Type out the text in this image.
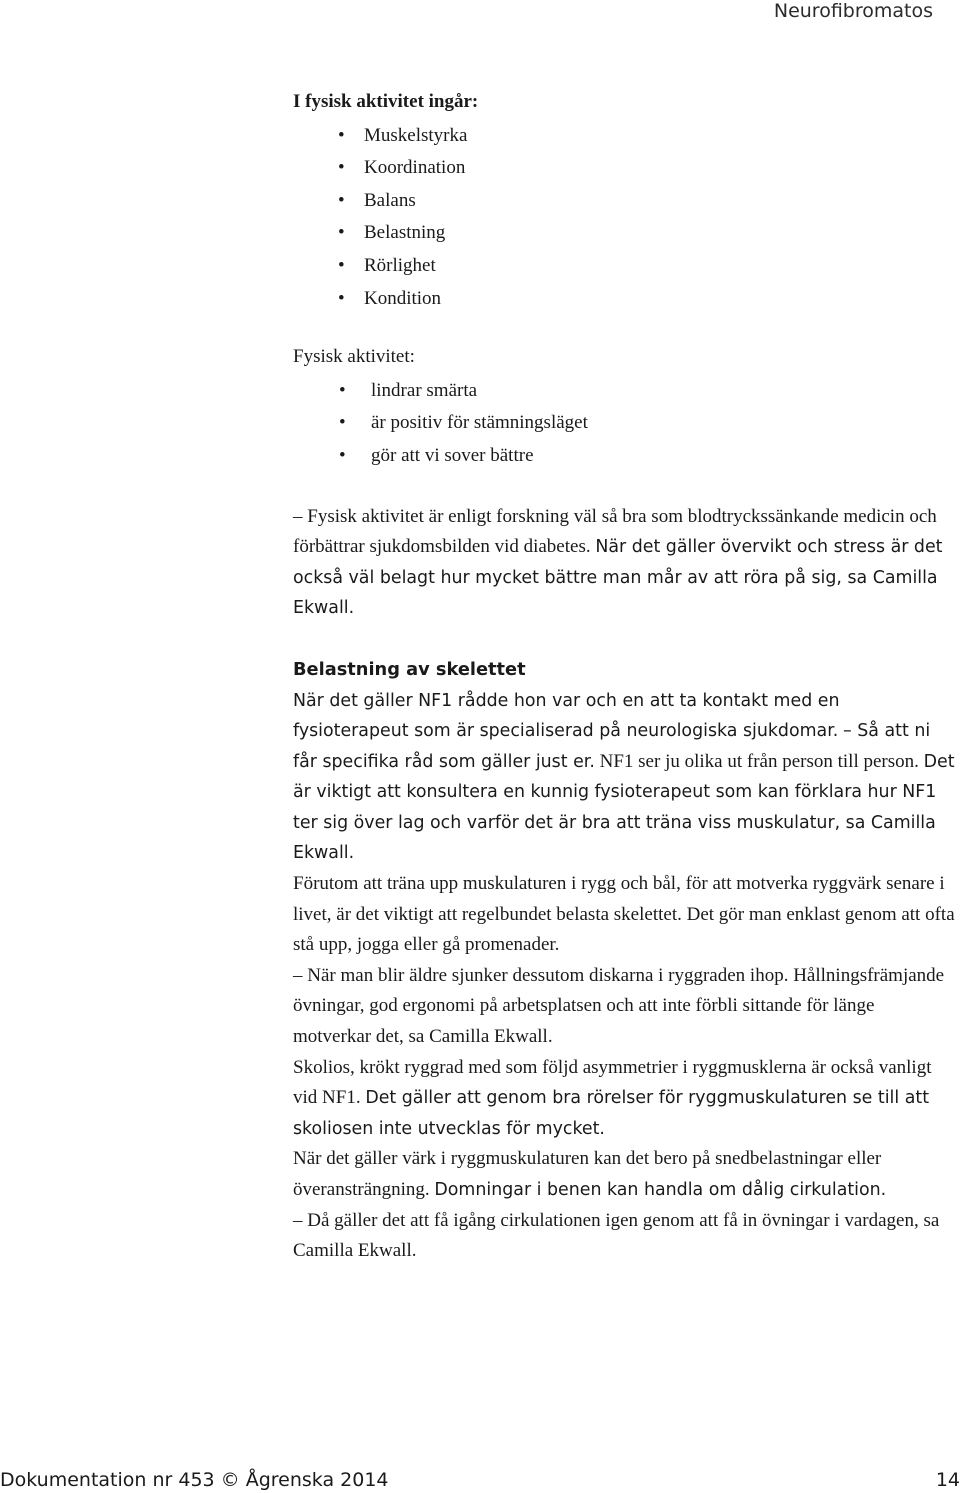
Neurofibromatos

I fysisk aktivitet ingår:

• Muskelstyrka
• Koordination
• Balans
• Belastning
• Rörlighet
• Kondition

Fysisk aktivitet:

• lindrar smärta
• är positiv för stämningsläget
• gör att vi sover bättre

– Fysisk aktivitet är enligt forskning väl så bra som blodtryckssänkande medicin och förbättrar sjukdomsbilden vid diabetes. När det gäller övervikt och stress är det också väl belagt hur mycket bättre man mår av att röra på sig, sa Camilla Ekwall.

Belastning av skelettet

När det gäller NF1 rådde hon var och en att ta kontakt med en fysioterapeut som är specialiserad på neurologiska sjukdomar. – Så att ni får specifika råd som gäller just er. NF1 ser ju olika ut från person till person. Det är viktigt att konsultera en kunnig fysioterapeut som kan förklara hur NF1 ter sig över lag och varför det är bra att träna viss muskulatur, sa Camilla Ekwall.

Förutom att träna upp muskulaturen i rygg och bål, för att motverka ryggvärk senare i livet, är det viktigt att regelbundet belasta skelettet. Det gör man enklast genom att ofta stå upp, jogga eller gå promenader.

– När man blir äldre sjunker dessutom diskarna i ryggraden ihop. Hållningsfrämjande övningar, god ergonomi på arbetsplatsen och att inte förbli sittande för länge motverkar det, sa Camilla Ekwall.

Skolios, krökt ryggrad med som följd asymmetrier i ryggmusklerna är också vanligt vid NF1. Det gäller att genom bra rörelser för ryggmuskulaturen se till att skoliosen inte utvecklas för mycket.

När det gäller värk i ryggmuskulaturen kan det bero på snedbelastningar eller överansträngning. Domningar i benen kan handla om dålig cirkulation.

– Då gäller det att få igång cirkulationen igen genom att få in övningar i vardagen, sa Camilla Ekwall.

Dokumentation nr 453 © Ågrenska 2014	14
